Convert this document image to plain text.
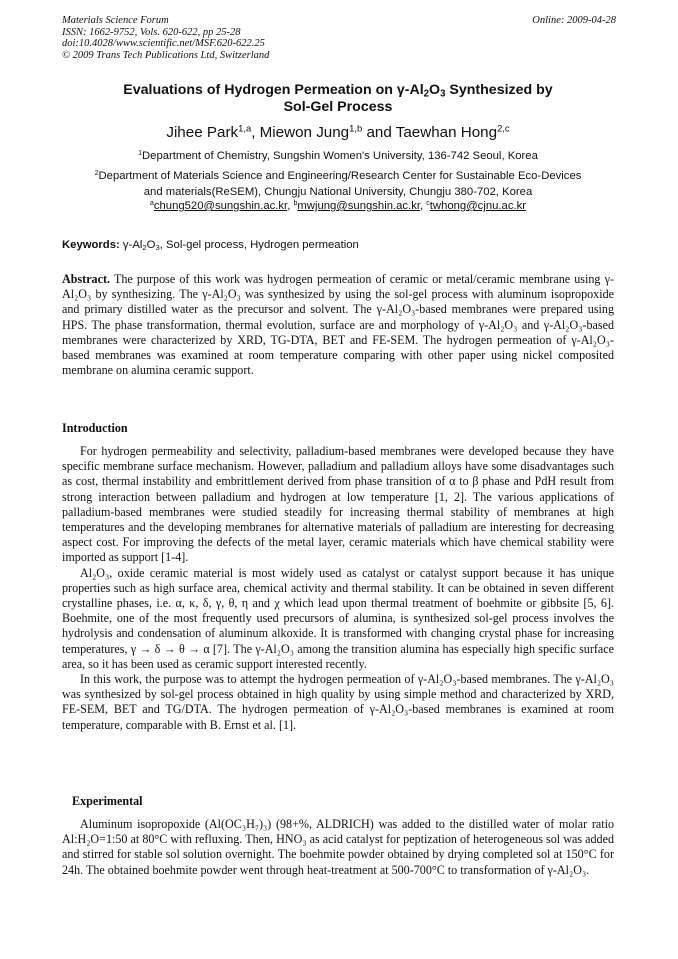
Materials Science Forum
ISSN: 1662-9752, Vols. 620-622, pp 25-28
doi:10.4028/www.scientific.net/MSF.620-622.25
© 2009 Trans Tech Publications Ltd, Switzerland
Online: 2009-04-28
Evaluations of Hydrogen Permeation on $\gamma-Al_2O_3$ Synthesized by
Sol-Gel Process
Jihee Park$^{1,a}$, Miewon Jung$^{1,b}$ and Taewhan Hong$^{2,c}$
$^1$Department of Chemistry, Sungshin Women's University, 136-742 Seoul, Korea
$^2$Department of Materials Science and Engineering/Research Center for Sustainable Eco-Devices
and materials(ReSEM), Chungju National University, Chungju 380-702, Korea
$^a$chung520@sungshin.ac.kr, $^b$mwjung@sungshin.ac.kr, $^c$twhong@cjnu.ac.kr
Keywords: $\gamma-Al_2O_3$, Sol-gel process, Hydrogen permeation
Abstract. The purpose of this work was hydrogen permeation of ceramic or metal/ceramic membrane using γ-Al₂O₃ by synthesizing. The γ-Al₂O₃ was synthesized by using the sol-gel process with aluminum isopropoxide and primary distilled water as the precursor and solvent. The γ-Al₂O₃-based membranes were prepared using HPS. The phase transformation, thermal evolution, surface are and morphology of γ-Al₂O₃ and γ-Al₂O₃-based membranes were characterized by XRD, TG-DTA, BET and FE-SEM. The hydrogen permeation of γ-Al₂O₃-based membranes was examined at room temperature comparing with other paper using nickel composited membrane on alumina ceramic support.
Introduction

For hydrogen permeability and selectivity, palladium-based membranes were developed because they have specific membrane surface mechanism. However, palladium and palladium alloys have some disadvantages such as cost, thermal instability and embrittlement derived from phase transition of α to β phase and PdH result from strong interaction between palladium and hydrogen at low temperature [1, 2]. The various applications of palladium-based membranes were studied steadily for increasing thermal stability of membranes at high temperatures and the developing membranes for alternative materials of palladium are interesting for decreasing aspect cost. For improving the defects of the metal layer, ceramic materials which have chemical stability were imported as support [1-4].

Al₂O₃, oxide ceramic material is most widely used as catalyst or catalyst support because it has unique properties such as high surface area, chemical activity and thermal stability. It can be obtained in seven different crystalline phases, i.e. α, κ, δ, γ, θ, η and χ which lead upon thermal treatment of boehmite or gibbsite [5, 6]. Boehmite, one of the most frequently used precursors of alumina, is synthesized sol-gel process involves the hydrolysis and condensation of aluminum alkoxide. It is transformed with changing crystal phase for increasing temperatures, γ → δ → θ → α [7]. The γ-Al₂O₃ among the transition alumina has especially high specific surface area, so it has been used as ceramic support interested recently.

In this work, the purpose was to attempt the hydrogen permeation of γ-Al₂O₃-based membranes. The γ-Al₂O₃ was synthesized by sol-gel process obtained in high quality by using simple method and characterized by XRD, FE-SEM, BET and TG/DTA. The hydrogen permeation of γ-Al₂O₃-based membranes is examined at room temperature, comparable with B. Ernst et al. [1].

Experimental

Aluminum isopropoxide (Al(OC₃H₇)₃) (98+%, ALDRICH) was added to the distilled water of molar ratio Al:H₂O=1:50 at 80°C with refluxing. Then, HNO₃ as acid catalyst for peptization of heterogeneous sol was added and stirred for stable sol solution overnight. The boehmite powder obtained by drying completed sol at 150°C for 24h. The obtained boehmite powder went through heat-treatment at 500-700°C to transformation of γ-Al₂O₃.
